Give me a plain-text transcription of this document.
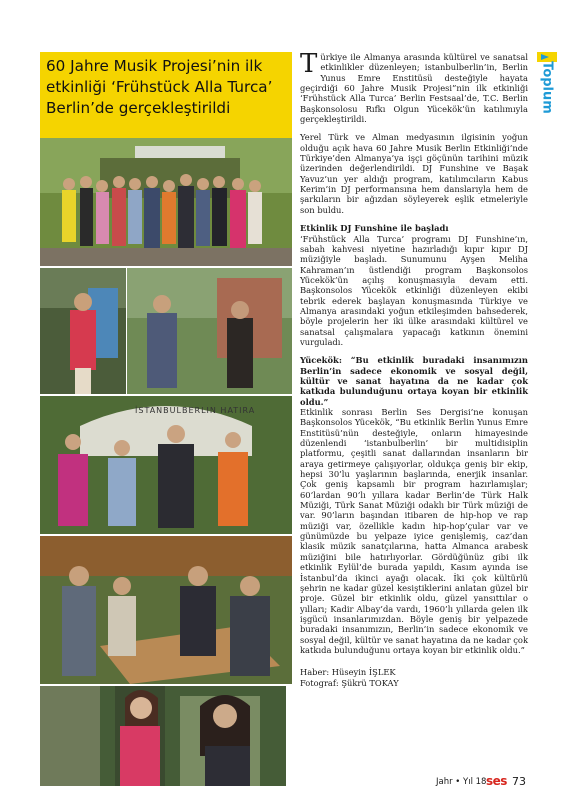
60 Jahre Musik Projesi’nin ilk etkinliği ‘Frühstück Alla Turca’ Berlin’de gerçekleştirildi	Toplum
İSTANBULBERLIN HATIRA

Türkiye ile Almanya arasında kültürel ve sanatsal etkinlikler düzenleyen; istanbulberlin’in, Berlin Yunus Emre Enstitüsü desteğiyle hayata geçirdiği 60 Jahre Musik Projesi”nin ilk etkinliği ‘Frühstück Alla Turca’ Berlin Festsaal’de, T.C. Berlin Başkonsolosu Rıfkı Olgun Yücekök’ün katılımıyla gerçekleştirildi.

Yerel Türk ve Alman medyasının ilgisinin yoğun olduğu açık hava 60 Jahre Musik Berlin Etkinliği’nde Türkiye’den Almanya’ya işçi göçünün tarihini müzik üzerinden değerlendirildi. DJ Funshine ve Başak Yavuz’un yer aldığı program, katılımcıların Kabus Kerim’in DJ performansına hem danslarıyla hem de şarkıların bir ağızdan söyleyerek eşlik etmeleriyle son buldu.

Etkinlik DJ Funshine ile başladı
‘Frühstück Alla Turca’ programı DJ Funshine’ın, sabah kahvesi niyetine hazırladığı kıpır kıpır DJ müziğiyle başladı. Sunumunu Ayşen Meliha Kahraman’ın üstlendiği program Başkonsolos Yücekök’ün açılış konuşmasıyla devam etti. Başkonsolos Yücekök etkinliği düzenleyen ekibi tebrik ederek başlayan konuşmasında Türkiye ve Almanya arasındaki yoğun etkileşimden bahsederek, böyle projelerin her iki ülke arasındaki kültürel ve sanatsal çalışmalara yapacağı katkının önemini vurguladı.

Yücekök: “Bu etkinlik buradaki insanımızın Berlin’in sadece ekonomik ve sosyal değil, kültür ve sanat hayatına da ne kadar çok katkıda bulunduğunu ortaya koyan bir etkinlik oldu.”
Etkinlik sonrası Berlin Ses Dergisi’ne konuşan Başkonsolos Yücekök, “Bu etkinlik Berlin Yunus Emre Enstitüsü’nün desteğiyle, onların himayesinde düzenlendi ‘istanbulberlin’ bir multidisiplin platformu, çeşitli sanat dallarından insanların bir araya getirmeye çalışıyorlar, oldukça geniş bir ekip, hepsi 30’lu yaşlarının başlarında, enerjik insanlar. Çok geniş kapsamlı bir program hazırlamışlar; 60’lardan 90’lı yıllara kadar Berlin’de Türk Halk Müziği, Türk Sanat Müziği odaklı bir Türk müziği de var. 90’ların başından itibaren de hip-hop ve rap müziği var, özellikle kadın hip-hop’çular var ve günümüzde bu yelpaze iyice genişlemiş, caz’dan klasik müzik sanatçılarına, hatta Almanca arabesk müziğini bile hatırlıyorlar. Gördüğünüz gibi ilk etkinlik Eylül’de burada yapıldı, Kasım ayında ise İstanbul’da ikinci ayağı olacak. İki çok kültürlü şehrin ne kadar güzel kesiştiklerini anlatan güzel bir proje. Güzel bir etkinlik oldu, güzel yansıttılar o yılları; Kadir Albay’da vardı, 1960’lı yıllarda gelen ilk işgücü insanlarımızdan. Böyle geniş bir yelpazede buradaki insanımızın, Berlin’in sadece ekonomik ve sosyal değil, kültür ve sanat hayatına da ne kadar çok katkıda bulunduğunu ortaya koyan bir etkinlik oldu.”

Haber: Hüseyin İŞLEK
Fotograf: Şükrü TOKAY

Jahr • Yıl 18 ses 73
